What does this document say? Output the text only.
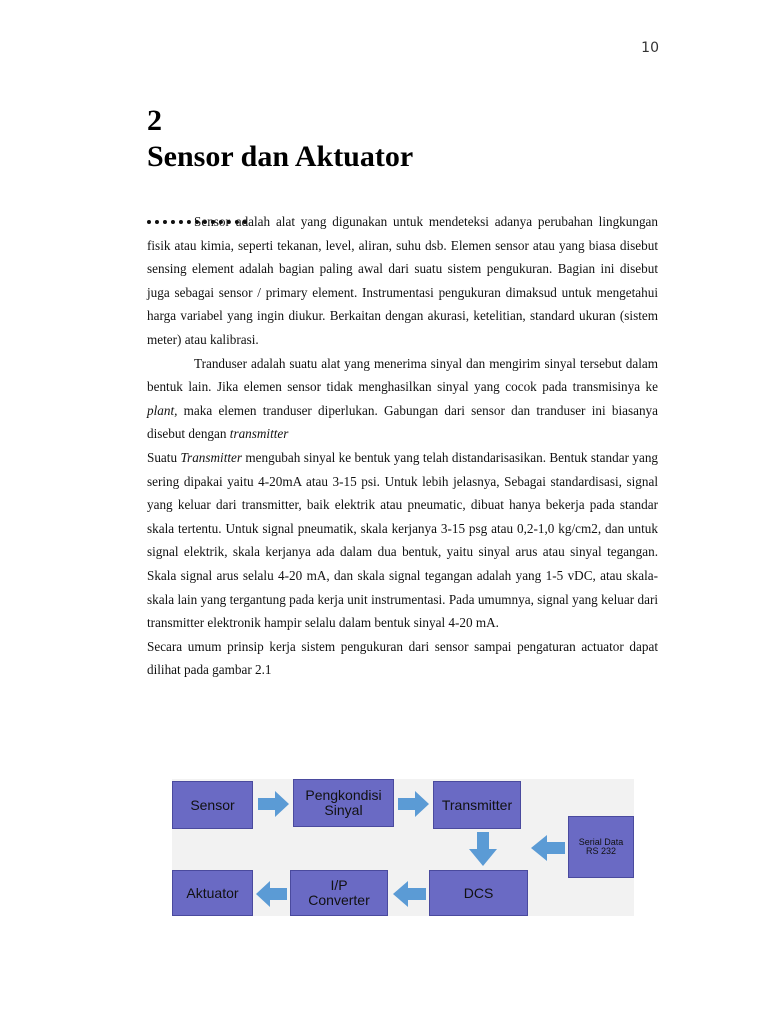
10
2
Sensor dan Aktuator

Sensor adalah alat yang digunakan untuk mendeteksi adanya perubahan lingkungan fisik atau kimia, seperti tekanan, level, aliran, suhu dsb. Elemen sensor atau yang biasa disebut sensing element adalah bagian paling awal dari suatu sistem pengukuran. Bagian ini disebut juga sebagai sensor / primary element. Instrumentasi pengukuran dimaksud untuk mengetahui harga variabel yang ingin diukur. Berkaitan dengan akurasi, ketelitian, standard ukuran (sistem meter) atau kalibrasi.

Tranduser adalah suatu alat yang menerima sinyal dan mengirim sinyal tersebut dalam bentuk lain. Jika elemen sensor tidak menghasilkan sinyal yang cocok pada transmisinya ke plant, maka elemen tranduser diperlukan. Gabungan dari sensor dan tranduser ini biasanya disebut dengan transmitter

Suatu Transmitter mengubah sinyal ke bentuk yang telah distandarisasikan. Bentuk standar yang sering dipakai yaitu 4-20mA atau 3-15 psi. Untuk lebih jelasnya, Sebagai standardisasi, signal yang keluar dari transmitter, baik elektrik atau pneumatic, dibuat hanya bekerja pada standar skala tertentu. Untuk signal pneumatik, skala kerjanya 3-15 psg atau 0,2-1,0 kg/cm2, dan untuk signal elektrik, skala kerjanya ada dalam dua bentuk, yaitu sinyal arus atau sinyal tegangan. Skala signal arus selalu 4-20 mA, dan skala signal tegangan adalah yang 1-5 vDC, atau skala-skala lain yang tergantung pada kerja unit instrumentasi. Pada umumnya, signal yang keluar dari transmitter elektronik hampir selalu dalam bentuk sinyal 4-20 mA.

Secara umum prinsip kerja sistem pengukuran dari sensor sampai pengaturan actuator dapat dilihat pada gambar 2.1

Sensor
Pengkondisi
Sinyal	Transmitter
Serial Data
RS 232
Aktuator	I/P
Converter	DCS
